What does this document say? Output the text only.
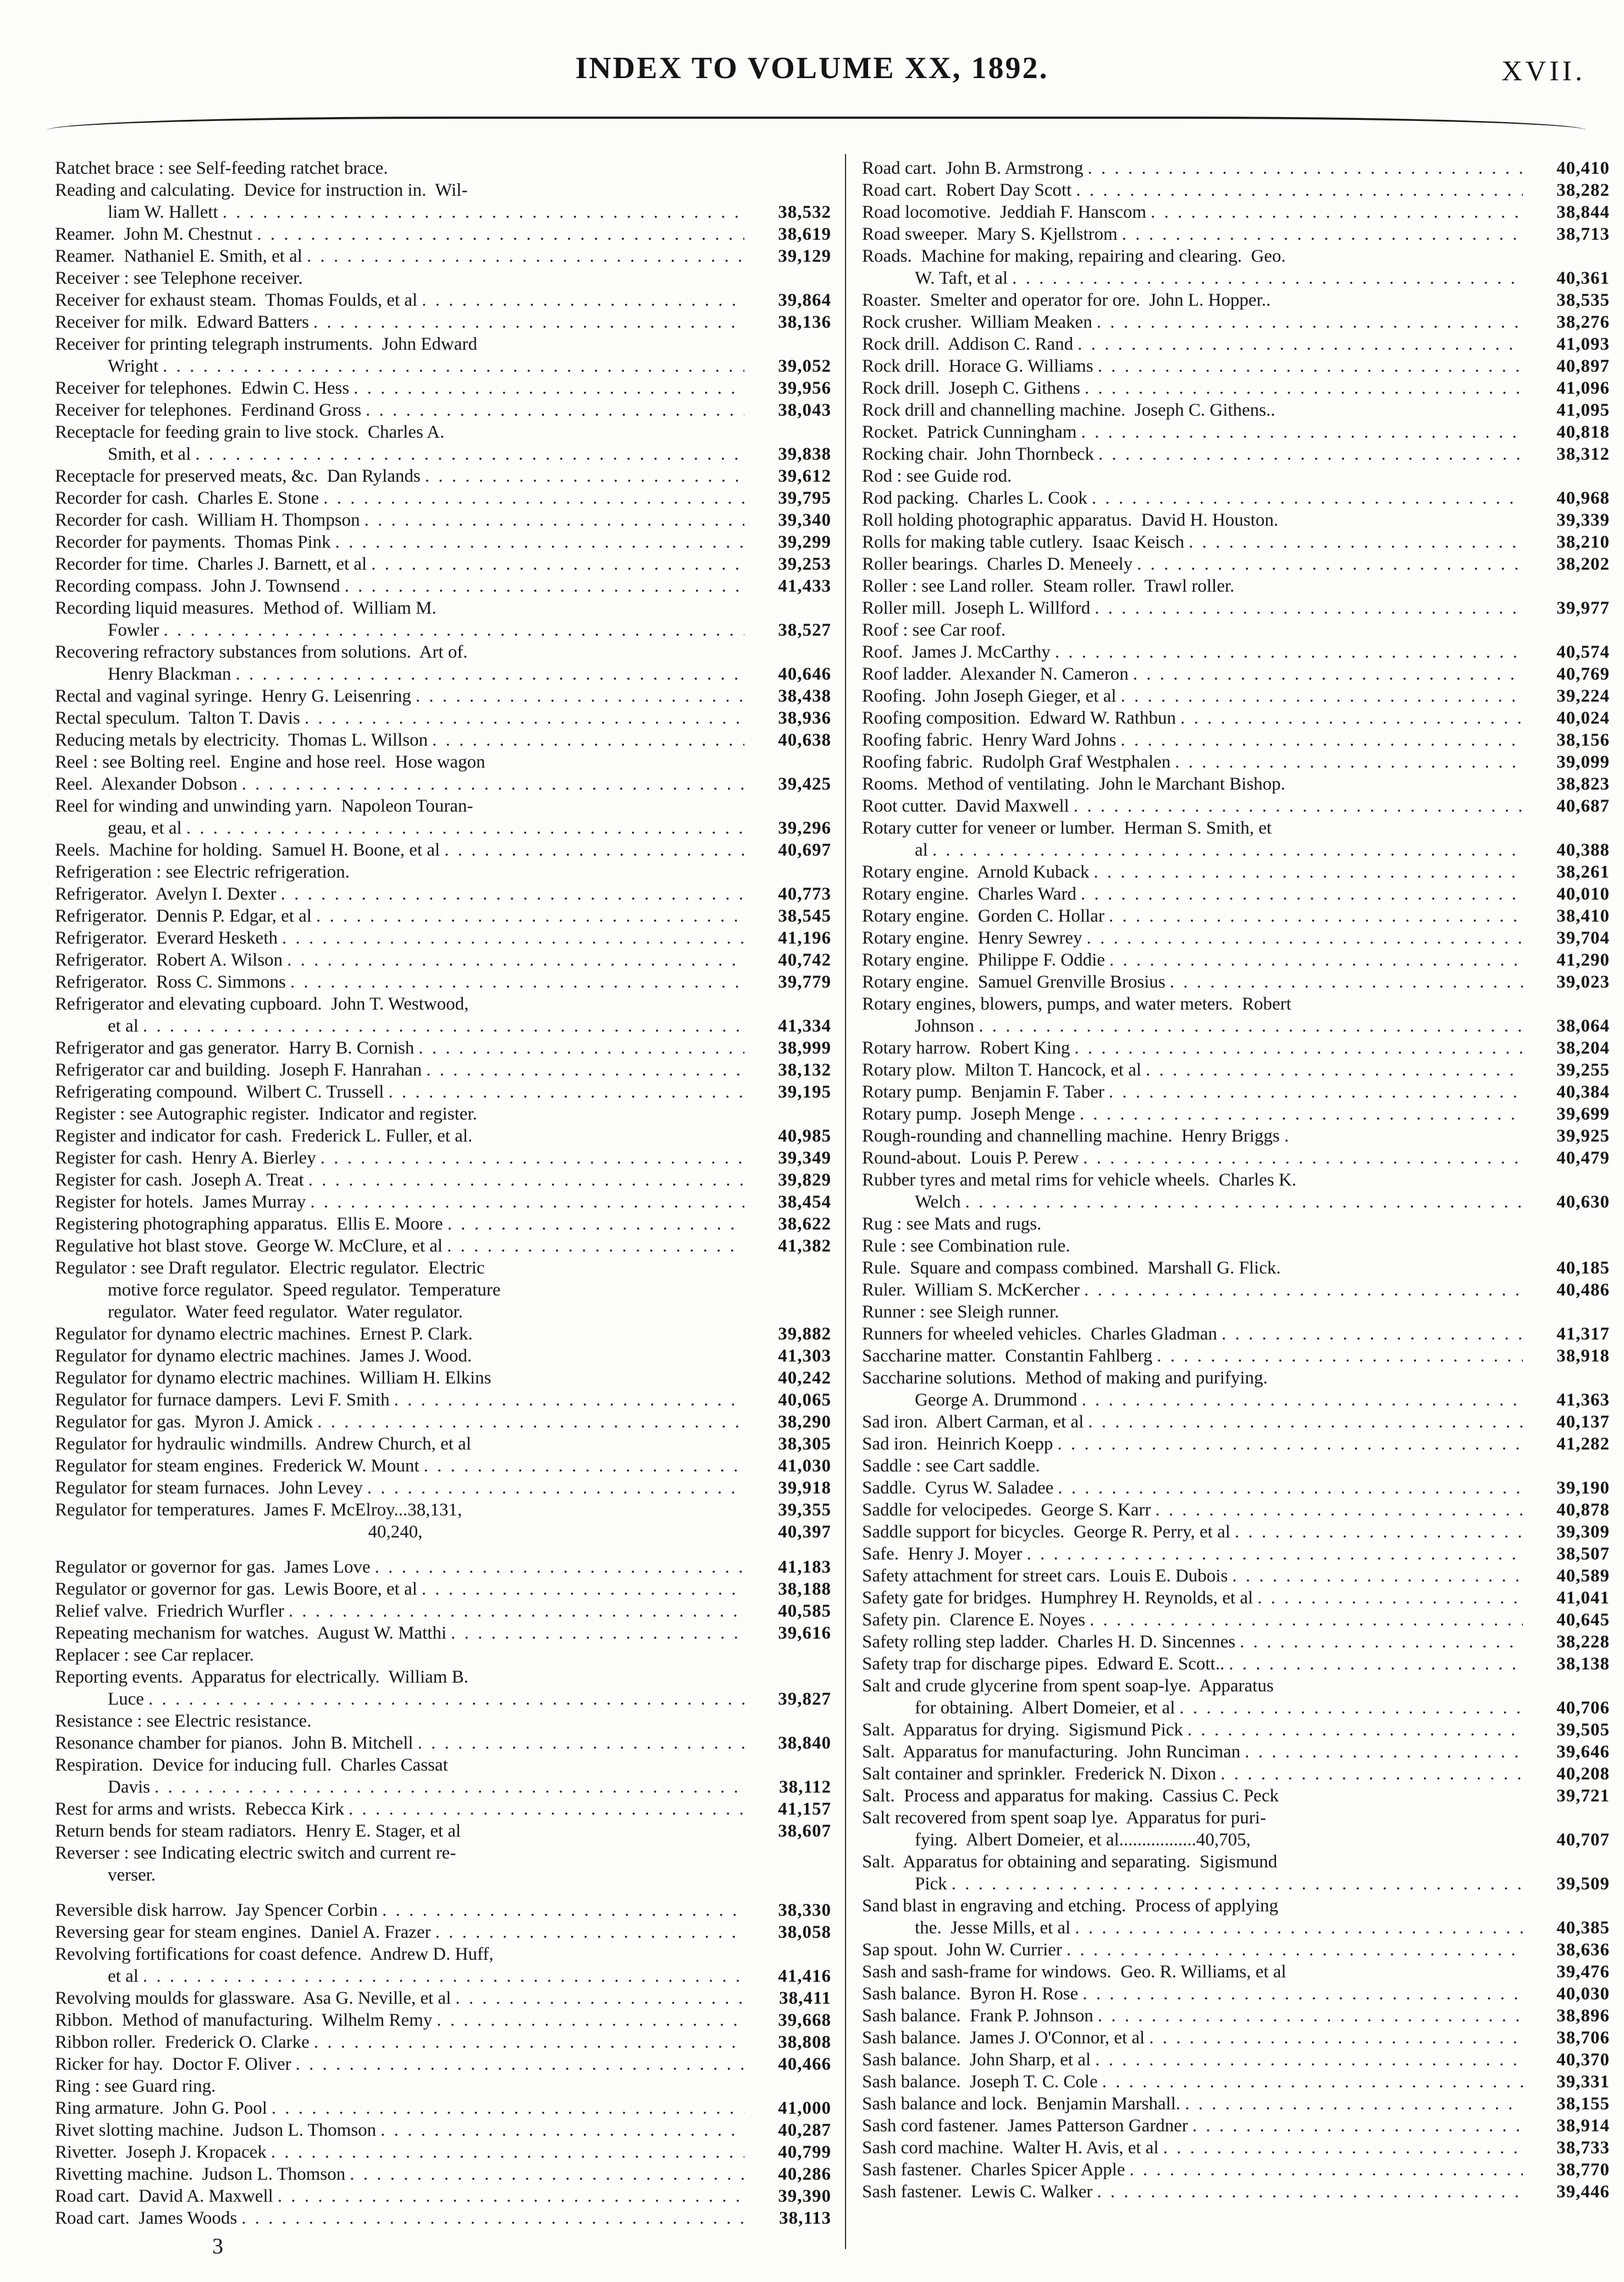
INDEX TO VOLUME XX, 1892.	XVII.
Ratchet brace : see Self-feeding ratchet brace.
Reading and calculating.  Device for instruction in.  Wil-
liam W. Hallett . . .	38,532
Reamer.  John M. Chestnut . . .	38,619
Reamer.  Nathaniel E. Smith, et al . . .	39,129
Receiver : see Telephone receiver.
Receiver for exhaust steam.  Thomas Foulds, et al . . .	39,864
Receiver for milk.  Edward Batters . . .	38,136
Receiver for printing telegraph instruments.  John Edward
Wright . . .	39,052
Receiver for telephones.  Edwin C. Hess . . .	39,956
Receiver for telephones.  Ferdinand Gross . . .	38,043
Receptacle for feeding grain to live stock.  Charles A.
Smith, et al . . .	39,838
Receptacle for preserved meats, &c.  Dan Rylands . . .	39,612
Recorder for cash.  Charles E. Stone . . .	39,795
Recorder for cash.  William H. Thompson . . .	39,340
Recorder for payments.  Thomas Pink . . .	39,299
Recorder for time.  Charles J. Barnett, et al . . .	39,253
Recording compass.  John J. Townsend . . .	41,433
Recording liquid measures.  Method of.  William M.
Fowler . . .	38,527
Recovering refractory substances from solutions.  Art of.
Henry Blackman . . .	40,646
Rectal and vaginal syringe.  Henry G. Leisenring . . .	38,438
Rectal speculum.  Talton T. Davis . . .	38,936
Reducing metals by electricity.  Thomas L. Willson . . .	40,638
Reel : see Bolting reel.  Engine and hose reel.  Hose wagon
Reel.  Alexander Dobson . . .	39,425
Reel for winding and unwinding yarn.  Napoleon Touran-
geau, et al . . .	39,296
Reels.  Machine for holding.  Samuel H. Boone, et al . . .	40,697
Refrigeration : see Electric refrigeration.
Refrigerator.  Avelyn I. Dexter . . .	40,773
Refrigerator.  Dennis P. Edgar, et al . . .	38,545
Refrigerator.  Everard Hesketh . . .	41,196
Refrigerator.  Robert A. Wilson . . .	40,742
Refrigerator.  Ross C. Simmons . . .	39,779
Refrigerator and elevating cupboard.  John T. Westwood,
et al . . .	41,334
Refrigerator and gas generator.  Harry B. Cornish . . .	38,999
Refrigerator car and building.  Joseph F. Hanrahan . . .	38,132
Refrigerating compound.  Wilbert C. Trussell . . .	39,195
Register : see Autographic register.  Indicator and register.
Register and indicator for cash.  Frederick L. Fuller, et al.	40,985
Register for cash.  Henry A. Bierley . . .	39,349
Register for cash.  Joseph A. Treat . . .	39,829
Register for hotels.  James Murray . . .	38,454
Registering photographing apparatus.  Ellis E. Moore . . .	38,622
Regulative hot blast stove.  George W. McClure, et al . . .	41,382
Regulator : see Draft regulator.  Electric regulator.  Electric
motive force regulator.  Speed regulator.  Temperature
regulator.  Water feed regulator.  Water regulator.
Regulator for dynamo electric machines.  Ernest P. Clark.	39,882
Regulator for dynamo electric machines.  James J. Wood.	41,303
Regulator for dynamo electric machines.  William H. Elkins	40,242
Regulator for furnace dampers.  Levi F. Smith . . .	40,065
Regulator for gas.  Myron J. Amick . . .	38,290
Regulator for hydraulic windmills.  Andrew Church, et al	38,305
Regulator for steam engines.  Frederick W. Mount . . .	41,030
Regulator for steam furnaces.  John Levey . . .	39,918
Regulator for temperatures.  James F. McElroy...38,131,	39,355
40,240,	40,397
Regulator or governor for gas.  James Love . . .	41,183
Regulator or governor for gas.  Lewis Boore, et al . . .	38,188
Relief valve.  Friedrich Wurfler . . .	40,585
Repeating mechanism for watches.  August W. Matthi . . .	39,616
Replacer : see Car replacer.
Reporting events.  Apparatus for electrically.  William B.
Luce . . .	39,827
Resistance : see Electric resistance.
Resonance chamber for pianos.  John B. Mitchell . . .	38,840
Respiration.  Device for inducing full.  Charles Cassat
Davis . . .	38,112
Rest for arms and wrists.  Rebecca Kirk . . .	41,157
Return bends for steam radiators.  Henry E. Stager, et al	38,607
Reverser : see Indicating electric switch and current re-
verser.
Reversible disk harrow.  Jay Spencer Corbin . . .	38,330
Reversing gear for steam engines.  Daniel A. Frazer . . .	38,058
Revolving fortifications for coast defence.  Andrew D. Huff,
et al . . .	41,416
Revolving moulds for glassware.  Asa G. Neville, et al . . .	38,411
Ribbon.  Method of manufacturing.  Wilhelm Remy . . .	39,668
Ribbon roller.  Frederick O. Clarke . . .	38,808
Ricker for hay.  Doctor F. Oliver . . .	40,466
Ring : see Guard ring.
Ring armature.  John G. Pool . . .	41,000
Rivet slotting machine.  Judson L. Thomson . . .	40,287
Rivetter.  Joseph J. Kropacek . . .	40,799
Rivetting machine.  Judson L. Thomson . . .	40,286
Road cart.  David A. Maxwell . . .	39,390
Road cart.  James Woods . . .	38,113
Road cart.  John B. Armstrong . . .	40,410
Road cart.  Robert Day Scott . . .	38,282
Road locomotive.  Jeddiah F. Hanscom . . .	38,844
Road sweeper.  Mary S. Kjellstrom . . .	38,713
Roads.  Machine for making, repairing and clearing.  Geo.
W. Taft, et al . . .	40,361
Roaster.  Smelter and operator for ore.  John L. Hopper..	38,535
Rock crusher.  William Meaken . . .	38,276
Rock drill.  Addison C. Rand . . .	41,093
Rock drill.  Horace G. Williams . . .	40,897
Rock drill.  Joseph C. Githens . . .	41,096
Rock drill and channelling machine.  Joseph C. Githens..	41,095
Rocket.  Patrick Cunningham . . .	40,818
Rocking chair.  John Thornbeck . . .	38,312
Rod : see Guide rod.
Rod packing.  Charles L. Cook . . .	40,968
Roll holding photographic apparatus.  David H. Houston.	39,339
Rolls for making table cutlery.  Isaac Keisch . . .	38,210
Roller bearings.  Charles D. Meneely . . .	38,202
Roller : see Land roller.  Steam roller.  Trawl roller.
Roller mill.  Joseph L. Willford . . .	39,977
Roof : see Car roof.
Roof.  James J. McCarthy . . .	40,574
Roof ladder.  Alexander N. Cameron . . .	40,769
Roofing.  John Joseph Gieger, et al . . .	39,224
Roofing composition.  Edward W. Rathbun . . .	40,024
Roofing fabric.  Henry Ward Johns . . .	38,156
Roofing fabric.  Rudolph Graf Westphalen . . .	39,099
Rooms.  Method of ventilating.  John le Marchant Bishop.	38,823
Root cutter.  David Maxwell . . .	40,687
Rotary cutter for veneer or lumber.  Herman S. Smith, et
al . . .	40,388
Rotary engine.  Arnold Kuback . . .	38,261
Rotary engine.  Charles Ward . . .	40,010
Rotary engine.  Gorden C. Hollar . . .	38,410
Rotary engine.  Henry Sewrey . . .	39,704
Rotary engine.  Philippe F. Oddie . . .	41,290
Rotary engine.  Samuel Grenville Brosius . . .	39,023
Rotary engines, blowers, pumps, and water meters.  Robert
Johnson . . .	38,064
Rotary harrow.  Robert King . . .	38,204
Rotary plow.  Milton T. Hancock, et al . . .	39,255
Rotary pump.  Benjamin F. Taber . . .	40,384
Rotary pump.  Joseph Menge . . .	39,699
Rough-rounding and channelling machine.  Henry Briggs .	39,925
Round-about.  Louis P. Perew . . .	40,479
Rubber tyres and metal rims for vehicle wheels.  Charles K.
Welch . . .	40,630
Rug : see Mats and rugs.
Rule : see Combination rule.
Rule.  Square and compass combined.  Marshall G. Flick.	40,185
Ruler.  William S. McKercher . . .	40,486
Runner : see Sleigh runner.
Runners for wheeled vehicles.  Charles Gladman . . .	41,317
Saccharine matter.  Constantin Fahlberg . . .	38,918
Saccharine solutions.  Method of making and purifying.
George A. Drummond . . .	41,363
Sad iron.  Albert Carman, et al . . .	40,137
Sad iron.  Heinrich Koepp . . .	41,282
Saddle : see Cart saddle.
Saddle.  Cyrus W. Saladee . . .	39,190
Saddle for velocipedes.  George S. Karr . . .	40,878
Saddle support for bicycles.  George R. Perry, et al . . .	39,309
Safe.  Henry J. Moyer . . .	38,507
Safety attachment for street cars.  Louis E. Dubois . . .	40,589
Safety gate for bridges.  Humphrey H. Reynolds, et al . . .	41,041
Safety pin.  Clarence E. Noyes . . .	40,645
Safety rolling step ladder.  Charles H. D. Sincennes . . .	38,228
Safety trap for discharge pipes.  Edward E. Scott.. . . .	38,138
Salt and crude glycerine from spent soap-lye.  Apparatus
for obtaining.  Albert Domeier, et al . . .	40,706
Salt.  Apparatus for drying.  Sigismund Pick . . .	39,505
Salt.  Apparatus for manufacturing.  John Runciman . . .	39,646
Salt container and sprinkler.  Frederick N. Dixon . . .	40,208
Salt.  Process and apparatus for making.  Cassius C. Peck	39,721
Salt recovered from spent soap lye.  Apparatus for puri-
fying.  Albert Domeier, et al.................40,705,	40,707
Salt.  Apparatus for obtaining and separating.  Sigismund
Pick . . .	39,509
Sand blast in engraving and etching.  Process of applying
the.  Jesse Mills, et al . . .	40,385
Sap spout.  John W. Currier . . .	38,636
Sash and sash-frame for windows.  Geo. R. Williams, et al	39,476
Sash balance.  Byron H. Rose . . .	40,030
Sash balance.  Frank P. Johnson . . .	38,896
Sash balance.  James J. O'Connor, et al . . .	38,706
Sash balance.  John Sharp, et al . . .	40,370
Sash balance.  Joseph T. C. Cole . . .	39,331
Sash balance and lock.  Benjamin Marshall. . . .	38,155
Sash cord fastener.  James Patterson Gardner . . .	38,914
Sash cord machine.  Walter H. Avis, et al . . .	38,733
Sash fastener.  Charles Spicer Apple . . .	38,770
Sash fastener.  Lewis C. Walker . . .	39,446
3
